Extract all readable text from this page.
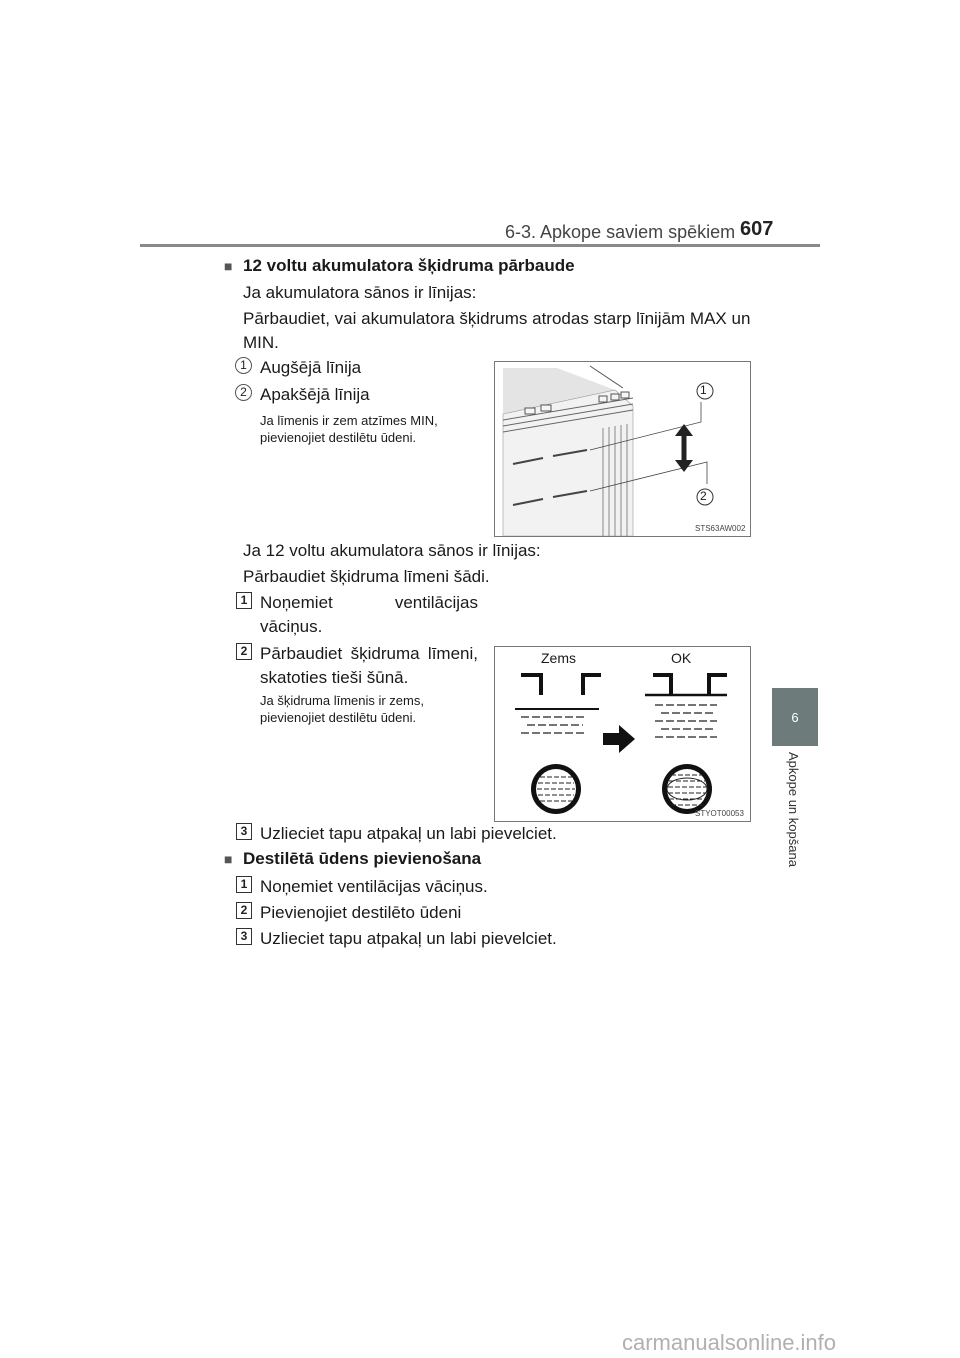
6-3. Apkope saviem spēkiem 607
6
Apkope un kopšana
■ 12 voltu akumulatora šķidruma pārbaude
Ja akumulatora sānos ir līnijas:
Pārbaudiet, vai akumulatora šķidrums atrodas starp līnijām MAX un
MIN.
1 Augšējā līnija
2 Apakšējā līnija
Ja līmenis ir zem atzīmes MIN,
pievienojiet destilētu ūdeni.
1
2
STS63AW002
Ja 12 voltu akumulatora sānos ir līnijas:
Pārbaudiet šķidruma līmeni šādi.
1 Noņemiet ventilācijas
vāciņus.
2 Pārbaudiet šķidruma līmeni,
skatoties tieši šūnā.
Ja šķidruma līmenis ir zems,
pievienojiet destilētu ūdeni.
Zems	OK
STYOT00053
3 Uzlieciet tapu atpakaļ un labi pievelciet.
■ Destilētā ūdens pievienošana
1 Noņemiet ventilācijas vāciņus.
2 Pievienojiet destilēto ūdeni
3 Uzlieciet tapu atpakaļ un labi pievelciet.
carmanualsonline.info
